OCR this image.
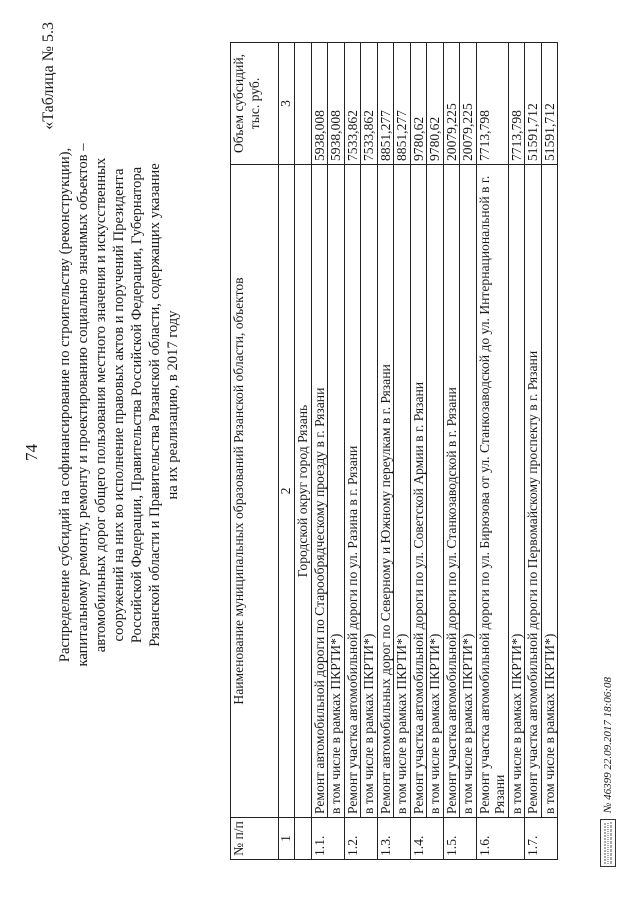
74
«Таблица № 5.3
Распределение субсидий на софинансирование по строительству (реконструкции), капитальному ремонту, ремонту и проектированию социально значимых объектов – автомобильных дорог общего пользования местного значения и искусственных сооружений на них во исполнение правовых актов и поручений Президента Российской Федерации, Правительства Российской Федерации, Губернатора Рязанской области и Правительства Рязанской области, содержащих указание на их реализацию, в 2017 году
№ п/п	Наименование муниципальных образований Рязанской области, объектов	Объем субсидий, тыс. руб.
1	2	3
	Городской округ город Рязань	
1.1.	Ремонт автомобильной дороги по Старообрядческому проезду в г. Рязани	5938,008
	в том числе в рамках ПКРТИ*)	5938,008
1.2.	Ремонт участка автомобильной дороги по ул. Разина в г. Рязани	7533,862
	в том числе в рамках ПКРТИ*)	7533,862
1.3.	Ремонт автомобильных дорог по Северному и Южному переулкам в г. Рязани	8851,277
	в том числе в рамках ПКРТИ*)	8851,277
1.4.	Ремонт участка автомобильной дороги по ул. Советской Армии в г. Рязани	9780,62
	в том числе в рамках ПКРТИ*)	9780,62
1.5.	Ремонт участка автомобильной дороги по ул. Станкозаводской в г. Рязани	20079,225
	в том числе в рамках ПКРТИ*)	20079,225
1.6.	Ремонт участка автомобильной дороги по ул. Бирюзова от ул. Станкозаводской до ул. Интернациональной в г. Рязани	7713,798
	в том числе в рамках ПКРТИ*)	7713,798
1.7.	Ремонт участка автомобильной дороги по Первомайскому проспекту в г. Рязани	51591,712
	в том числе в рамках ПКРТИ*)	51591,712
№ 46399 22.09.2017 18:06:08
